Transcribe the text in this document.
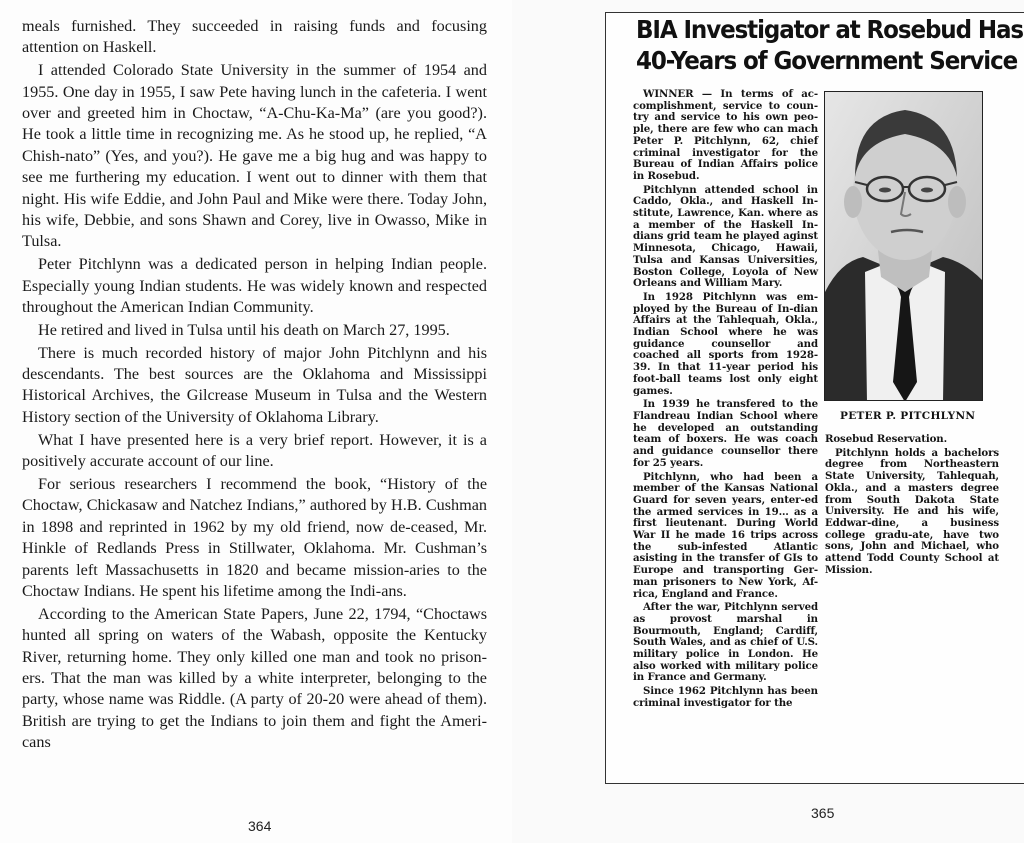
meals furnished. They succeeded in raising funds and focusing attention on Haskell.

I attended Colorado State University in the summer of 1954 and 1955. One day in 1955, I saw Pete having lunch in the cafeteria. I went over and greeted him in Choctaw, “A-Chu-Ka-Ma” (are you good?). He took a little time in recognizing me. As he stood up, he replied, “A Chish-nato” (Yes, and you?). He gave me a big hug and was happy to see me furthering my education. I went out to dinner with them that night. His wife Eddie, and John Paul and Mike were there. Today John, his wife, Debbie, and sons Shawn and Corey, live in Owasso, Mike in Tulsa.

Peter Pitchlynn was a dedicated person in helping Indian people. Especially young Indian students. He was widely known and respected throughout the American Indian Community.

He retired and lived in Tulsa until his death on March 27, 1995.

There is much recorded history of major John Pitchlynn and his descendants. The best sources are the Oklahoma and Mississippi Historical Archives, the Gilcrease Museum in Tulsa and the Western History section of the University of Oklahoma Library.

What I have presented here is a very brief report. However, it is a positively accurate account of our line.

For serious researchers I recommend the book, “History of the Choctaw, Chickasaw and Natchez Indians,” authored by H.B. Cushman in 1898 and reprinted in 1962 by my old friend, now de-ceased, Mr. Hinkle of Redlands Press in Stillwater, Oklahoma. Mr. Cushman’s parents left Massachusetts in 1820 and became mission-aries to the Choctaw Indians. He spent his lifetime among the Indi-ans.

According to the American State Papers, June 22, 1794, “Choctaws hunted all spring on waters of the Wabash, opposite the Kentucky River, returning home. They only killed one man and took no prison-ers. That the man was killed by a white interpreter, belonging to the party, whose name was Riddle. (A party of 20-20 were ahead of them). British are trying to get the Indians to join them and fight the Ameri-cans

364
BIA Investigator at Rosebud Has
40-Years of Government Service

WINNER — In terms of ac-complishment, service to coun-try and service to his own peo-ple, there are few who can mach Peter P. Pitchlynn, 62, chief criminal investigator for the Bureau of Indian Affairs police in Rosebud.

Pitchlynn attended school in Caddo, Okla., and Haskell In-stitute, Lawrence, Kan. where as a member of the Haskell In-dians grid team he played aginst Minnesota, Chicago, Hawaii, Tulsa and Kansas Universities, Boston College, Loyola of New Orleans and William Mary.

In 1928 Pitchlynn was em-ployed by the Bureau of In-dian Affairs at the Tahlequah, Okla., Indian School where he was guidance counsellor and coached all sports from 1928-39. In that 11-year period his foot-ball teams lost only eight games.

In 1939 he transfered to the Flandreau Indian School where he developed an outstanding team of boxers. He was coach and guidance counsellor there for 25 years.

Pitchlynn, who had been a member of the Kansas National Guard for seven years, enter-ed the armed services in 19… as a first lieutenant. During World War II he made 16 trips across the sub-infested Atlantic asisting in the transfer of GIs to Europe and transporting Ger-man prisoners to New York, Af-rica, England and France.

After the war, Pitchlynn served as provost marshal in Bourmouth, England; Cardiff, South Wales, and as chief of U.S. military police in London. He also worked with military police in France and Germany.

Since 1962 Pitchlynn has been criminal investigator for the

PETER P. PITCHLYNN

Rosebud Reservation.

Pitchlynn holds a bachelors degree from Northeastern State University, Tahlequah, Okla., and a masters degree from South Dakota State University. He and his wife, Eddwar-dine, a business college gradu-ate, have two sons, John and Michael, who attend Todd County School at Mission.

365
